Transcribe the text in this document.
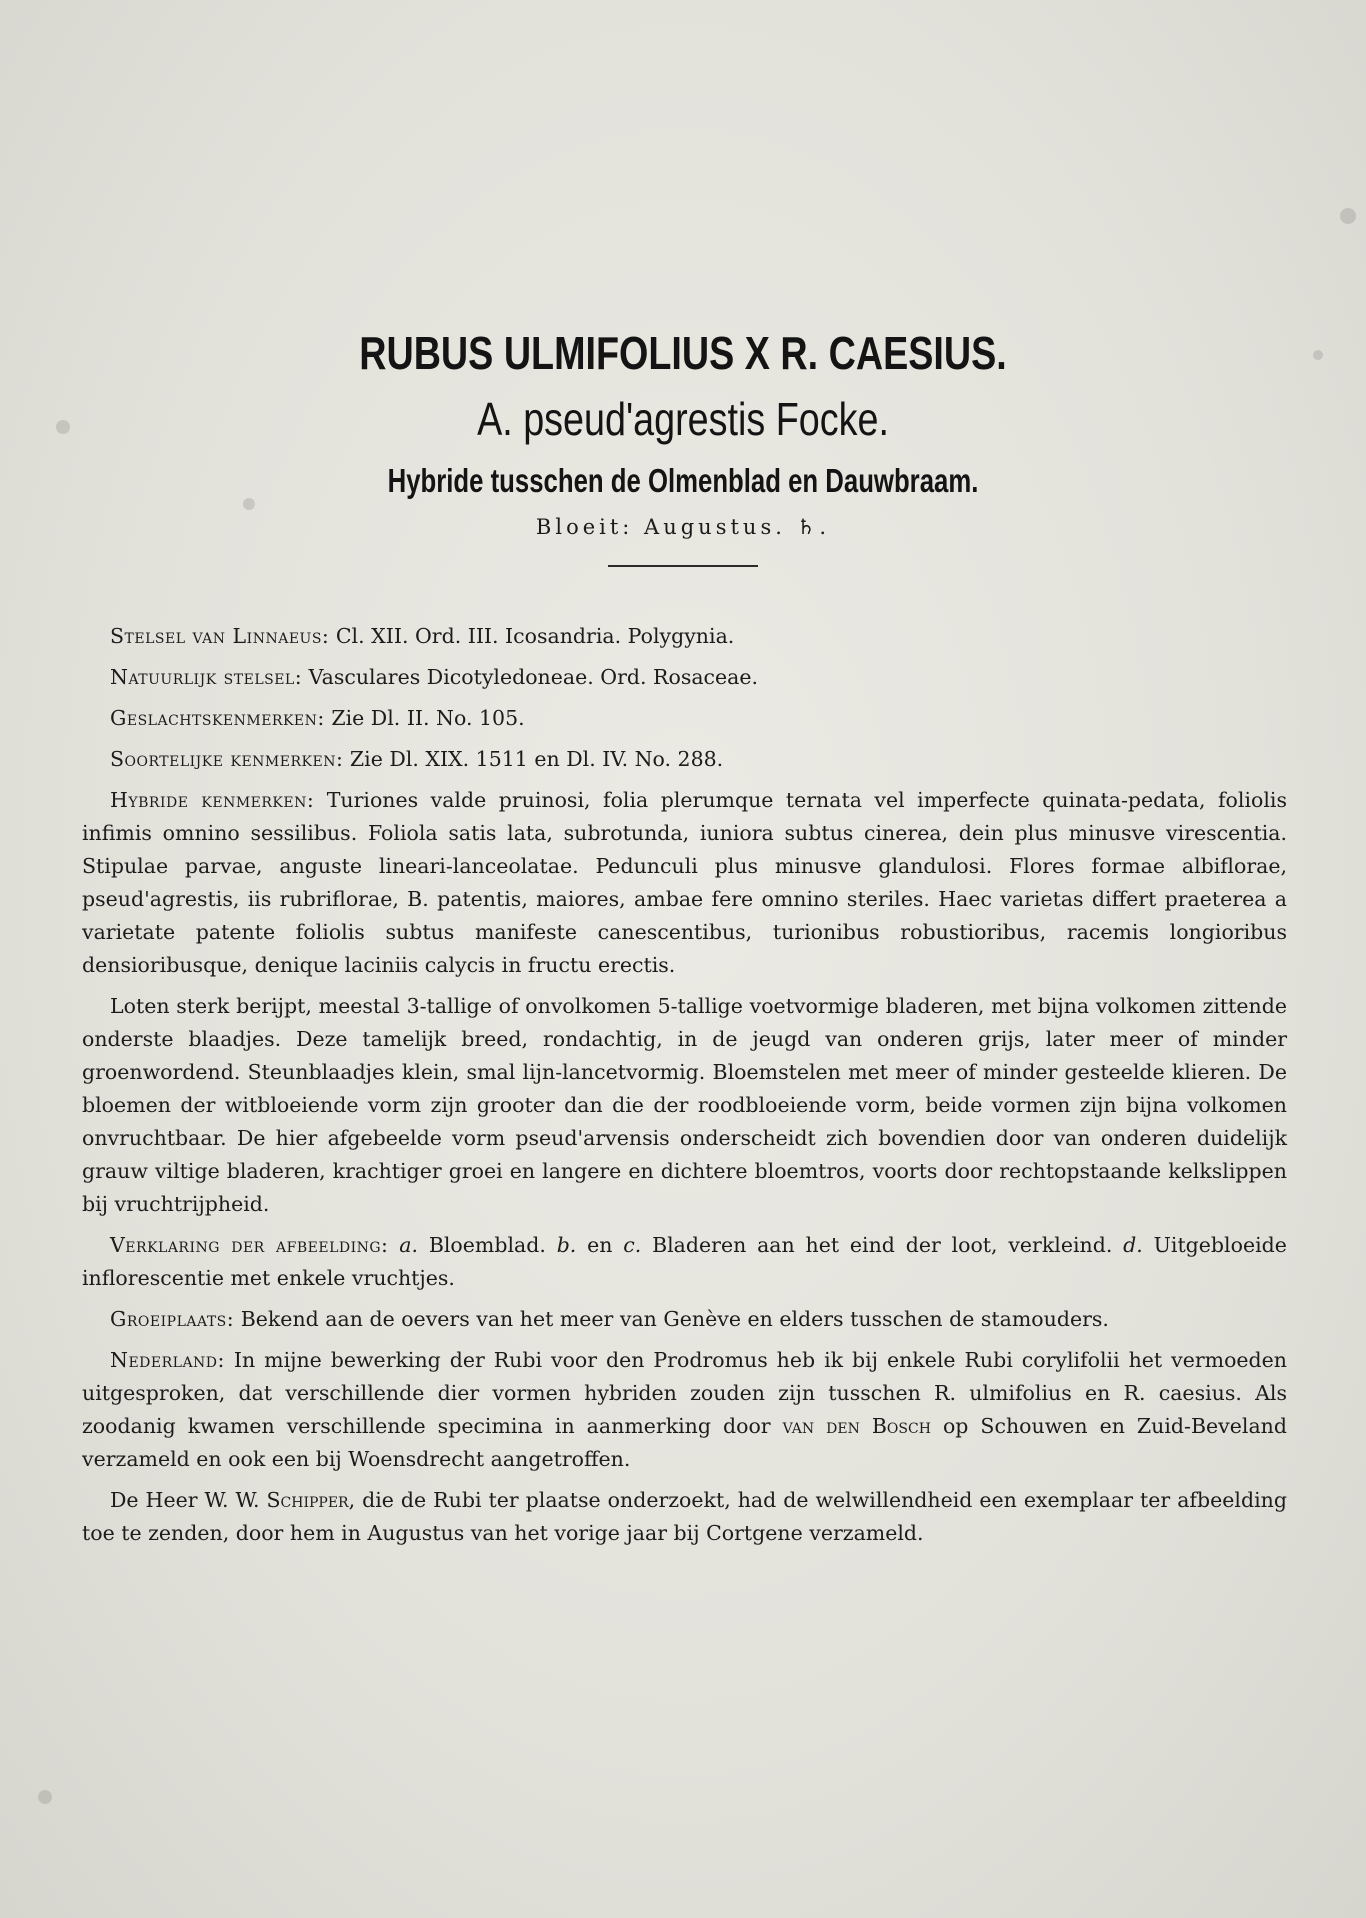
RUBUS ULMIFOLIUS X R. CAESIUS.
A. pseud'agrestis Focke.
Hybride tusschen de Olmenblad en Dauwbraam.
Bloeit: Augustus. ♄.

Stelsel van Linnaeus: Cl. XII. Ord. III. Icosandria. Polygynia.

Natuurlijk stelsel: Vasculares Dicotyledoneae. Ord. Rosaceae.

Geslachtskenmerken: Zie Dl. II. No. 105.

Soortelijke kenmerken: Zie Dl. XIX. 1511 en Dl. IV. No. 288.

Hybride kenmerken: Turiones valde pruinosi, folia plerumque ternata vel imperfecte quinata-pedata, foliolis infimis omnino sessilibus. Foliola satis lata, subrotunda, iuniora subtus cinerea, dein plus minusve virescentia. Stipulae parvae, anguste lineari-lanceolatae. Pedunculi plus minusve glandulosi. Flores formae albiflorae, pseud'agrestis, iis rubriflorae, B. patentis, maiores, ambae fere omnino steriles. Haec varietas differt praeterea a varietate patente foliolis subtus manifeste canescentibus, turionibus robustioribus, racemis longioribus densioribusque, denique laciniis calycis in fructu erectis.

Loten sterk berijpt, meestal 3-tallige of onvolkomen 5-tallige voetvormige bladeren, met bijna volkomen zittende onderste blaadjes. Deze tamelijk breed, rondachtig, in de jeugd van onderen grijs, later meer of minder groenwordend. Steunblaadjes klein, smal lijn-lancetvormig. Bloemstelen met meer of minder gesteelde klieren. De bloemen der witbloeiende vorm zijn grooter dan die der roodbloeiende vorm, beide vormen zijn bijna volkomen onvruchtbaar. De hier afgebeelde vorm pseud'arvensis onderscheidt zich bovendien door van onderen duidelijk grauw viltige bladeren, krachtiger groei en langere en dichtere bloemtros, voorts door rechtopstaande kelkslippen bij vruchtrijpheid.

Verklaring der afbeelding: a. Bloemblad. b. en c. Bladeren aan het eind der loot, verkleind. d. Uitgebloeide inflorescentie met enkele vruchtjes.

Groeiplaats: Bekend aan de oevers van het meer van Genève en elders tusschen de stamouders.

Nederland: In mijne bewerking der Rubi voor den Prodromus heb ik bij enkele Rubi corylifolii het vermoeden uitgesproken, dat verschillende dier vormen hybriden zouden zijn tusschen R. ulmifolius en R. caesius. Als zoodanig kwamen verschillende specimina in aanmerking door van den Bosch op Schouwen en Zuid-Beveland verzameld en ook een bij Woensdrecht aangetroffen.

De Heer W. W. Schipper, die de Rubi ter plaatse onderzoekt, had de welwillendheid een exemplaar ter afbeelding toe te zenden, door hem in Augustus van het vorige jaar bij Cortgene verzameld.
